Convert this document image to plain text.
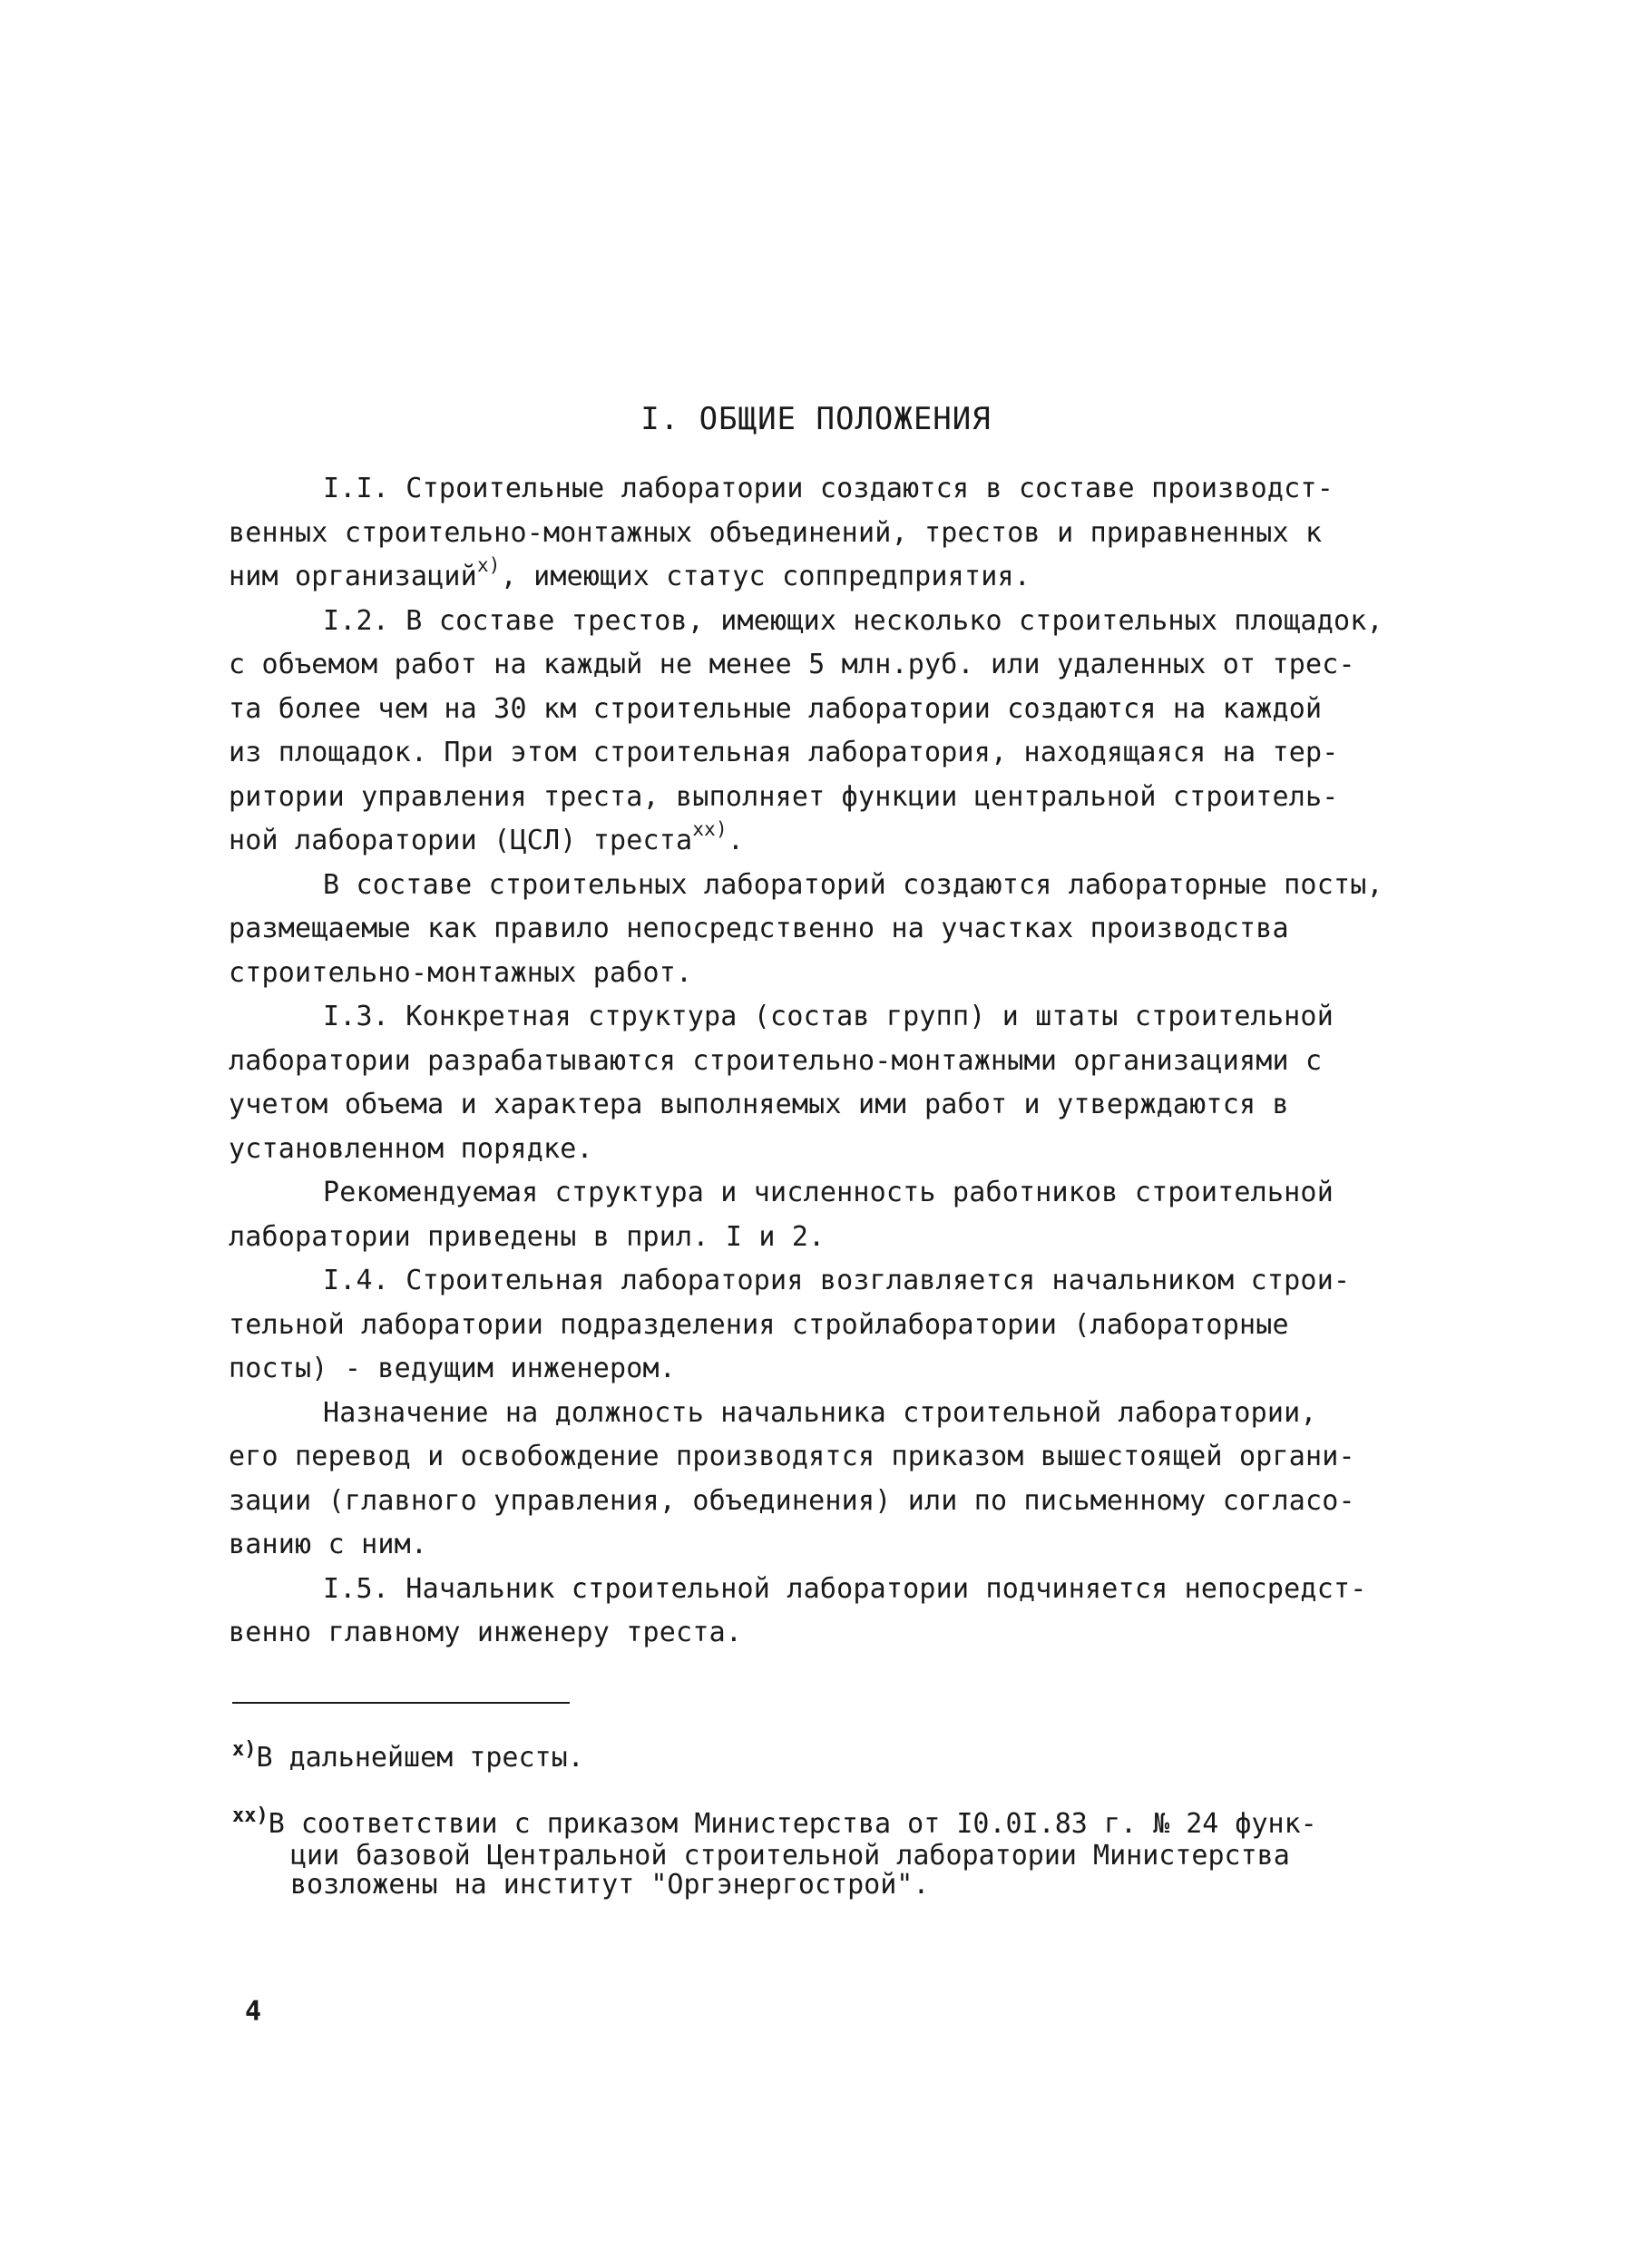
I. ОБЩИЕ ПОЛОЖЕНИЯ
I.I. Строительные лаборатории создаются в составе производст-
венных строительно-монтажных объединений, трестов и приравненных к
ним организаций$^{x)}$, имеющих статус соппредприятия.
I.2. В составе трестов, имеющих несколько строительных площадок,
с объемом работ на каждый не менее 5 млн.руб. или удаленных от трес-
та более чем на 30 км строительные лаборатории создаются на каждой
из площадок. При этом строительная лаборатория, находящаяся на тер-
ритории управления треста, выполняет функции центральной строитель-
ной лаборатории (ЦСЛ) треста$^{xx)}$.
В составе строительных лабораторий создаются лабораторные посты,
размещаемые как правило непосредственно на участках производства
строительно-монтажных работ.
I.3. Конкретная структура (состав групп) и штаты строительной
лаборатории разрабатываются строительно-монтажными организациями с
учетом объема и характера выполняемых ими работ и утверждаются в
установленном порядке.
Рекомендуемая структура и численность работников строительной
лаборатории приведены в прил. I и 2.
I.4. Строительная лаборатория возглавляется начальником строи-
тельной лаборатории подразделения стройлаборатории (лабораторные
посты) - ведущим инженером.
Назначение на должность начальника строительной лаборатории,
его перевод и освобождение производятся приказом вышестоящей органи-
зации (главного управления, объединения) или по письменному согласо-
ванию с ним.
I.5. Начальник строительной лаборатории подчиняется непосредст-
венно главному инженеру треста.
$^{x)}$В дальнейшем тресты.
$^{xx)}$В соответствии с приказом Министерства от I0.0I.83 г. № 24 функ-
ции базовой Центральной строительной лаборатории Министерства
возложены на институт "Оргэнергострой".
4
